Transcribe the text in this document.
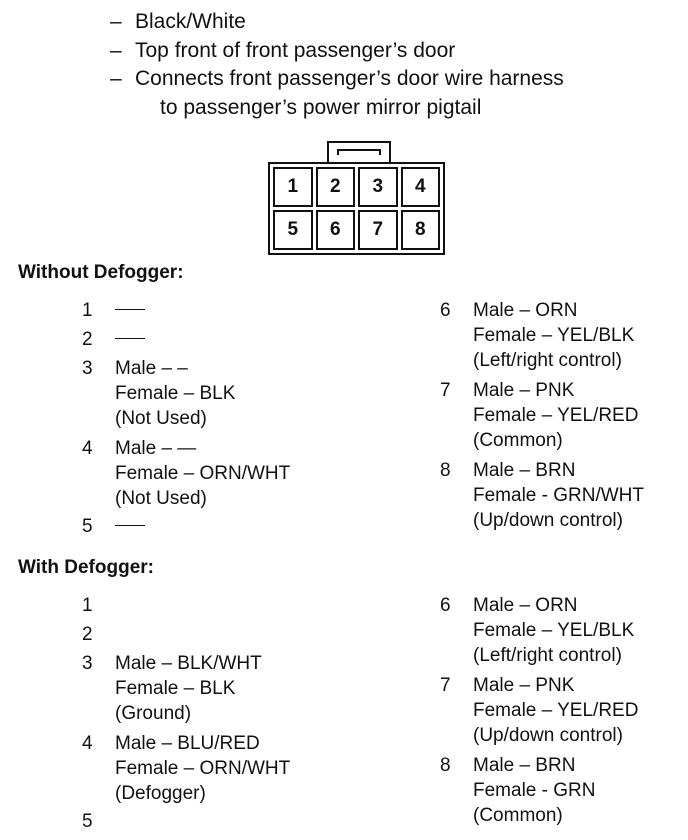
– Black/White
– Top front of front passenger’s door
– Connects front passenger’s door wire harness
to passenger’s power mirror pigtail
1	2	3	4
5	6	7	8
Without Defogger:
1
2
3 Male – –
Female – BLK
(Not Used)
4 Male – —
Female – ORN/WHT
(Not Used)
5
6 Male – ORN
Female – YEL/BLK
(Left/right control)
7 Male – PNK
Female – YEL/RED
(Common)
8 Male – BRN
Female - GRN/WHT
(Up/down control)
With Defogger:
1
2
3 Male – BLK/WHT
Female – BLK
(Ground)
4 Male – BLU/RED
Female – ORN/WHT
(Defogger)
5
6 Male – ORN
Female – YEL/BLK
(Left/right control)
7 Male – PNK
Female – YEL/RED
(Up/down control)
8 Male – BRN
Female - GRN
(Common)
